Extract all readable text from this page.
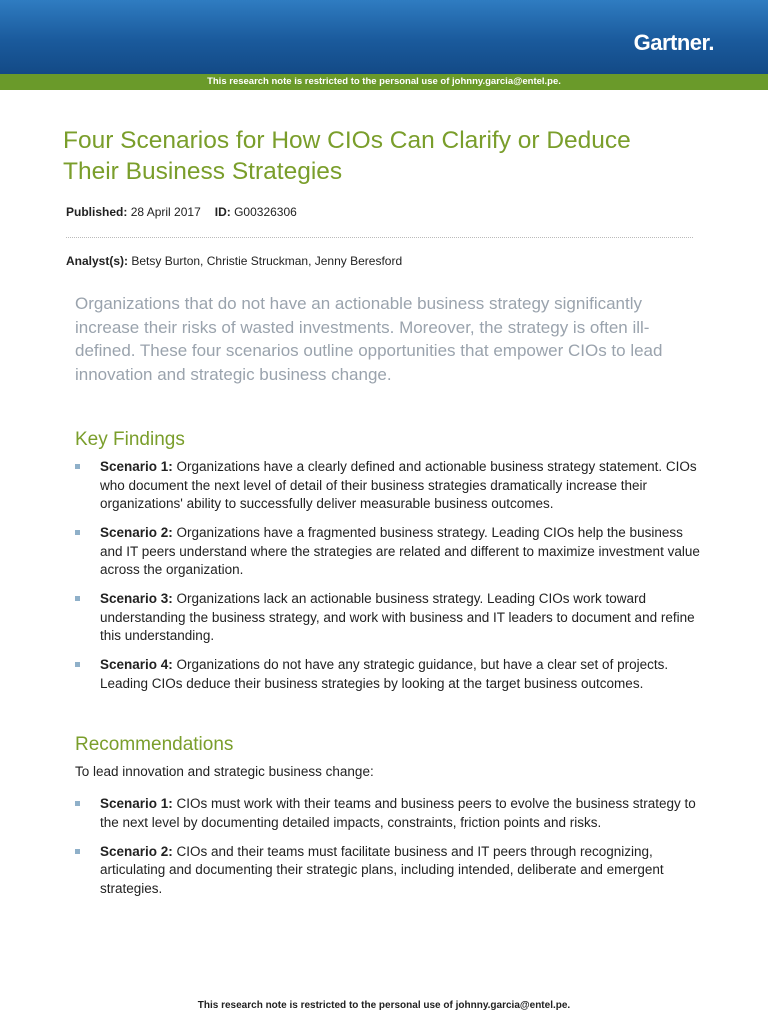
Gartner.
This research note is restricted to the personal use of johnny.garcia@entel.pe.
Four Scenarios for How CIOs Can Clarify or Deduce Their Business Strategies
Published: 28 April 2017 ID: G00326306
Analyst(s): Betsy Burton, Christie Struckman, Jenny Beresford

Organizations that do not have an actionable business strategy significantly increase their risks of wasted investments. Moreover, the strategy is often ill-defined. These four scenarios outline opportunities that empower CIOs to lead innovation and strategic business change.

Key Findings
Scenario 1: Organizations have a clearly defined and actionable business strategy statement. CIOs who document the next level of detail of their business strategies dramatically increase their organizations' ability to successfully deliver measurable business outcomes.
Scenario 2: Organizations have a fragmented business strategy. Leading CIOs help the business and IT peers understand where the strategies are related and different to maximize investment value across the organization.
Scenario 3: Organizations lack an actionable business strategy. Leading CIOs work toward understanding the business strategy, and work with business and IT leaders to document and refine this understanding.
Scenario 4: Organizations do not have any strategic guidance, but have a clear set of projects. Leading CIOs deduce their business strategies by looking at the target business outcomes.
Recommendations
To lead innovation and strategic business change:
Scenario 1: CIOs must work with their teams and business peers to evolve the business strategy to the next level by documenting detailed impacts, constraints, friction points and risks.
Scenario 2: CIOs and their teams must facilitate business and IT peers through recognizing, articulating and documenting their strategic plans, including intended, deliberate and emergent strategies.
This research note is restricted to the personal use of johnny.garcia@entel.pe.
